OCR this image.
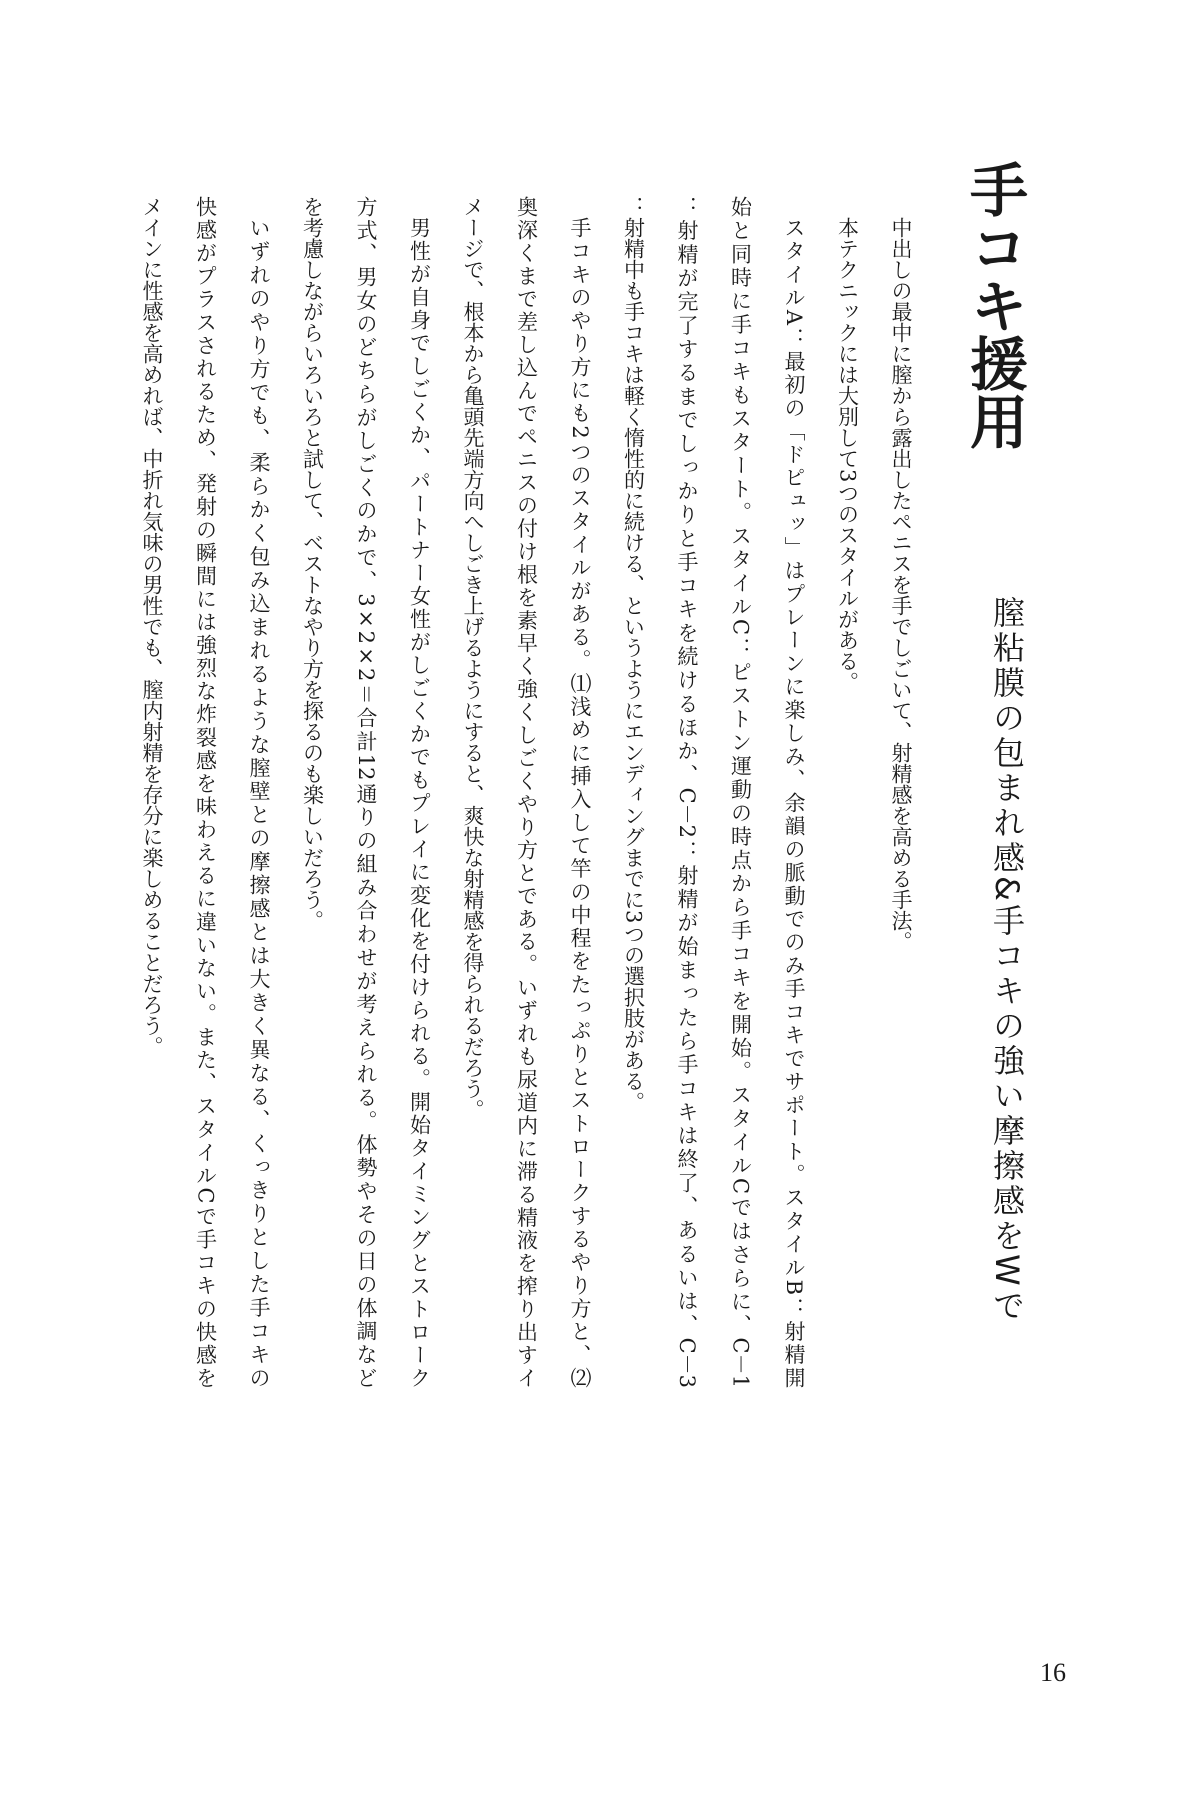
手コキ援用
膣粘膜の包まれ感&手コキの強い摩擦感をWで
中出しの最中に膣から露出したペニスを手でしごいて、射精感を高める手法。
本テクニックには大別して3つのスタイルがある。
スタイルA：最初の「ドピュッ」はプレーンに楽しみ、余韻の脈動でのみ手コキでサポート。スタイルB：射精開
始と同時に手コキもスタート。スタイルC：ピストン運動の時点から手コキを開始。スタイルCではさらに、C－1
：射精が完了するまでしっかりと手コキを続けるほか、C－2：射精が始まったら手コキは終了、あるいは、C－3
：射精中も手コキは軽く惰性的に続ける、というようにエンディングまでに3つの選択肢がある。
手コキのやり方にも2つのスタイルがある。⑴浅めに挿入して竿の中程をたっぷりとストロークするやり方と、⑵
奥深くまで差し込んでペニスの付け根を素早く強くしごくやり方とである。いずれも尿道内に滞る精液を搾り出すイ
メージで、根本から亀頭先端方向へしごき上げるようにすると、爽快な射精感を得られるだろう。
男性が自身でしごくか、パートナー女性がしごくかでもプレイに変化を付けられる。開始タイミングとストローク
方式、男女のどちらがしごくのかで、3×2×2＝合計12通りの組み合わせが考えられる。体勢やその日の体調など
を考慮しながらいろいろと試して、ベストなやり方を探るのも楽しいだろう。
いずれのやり方でも、柔らかく包み込まれるような膣壁との摩擦感とは大きく異なる、くっきりとした手コキの
快感がプラスされるため、発射の瞬間には強烈な炸裂感を味わえるに違いない。また、スタイルCで手コキの快感を
メインに性感を高めれば、中折れ気味の男性でも、膣内射精を存分に楽しめることだろう。
16
